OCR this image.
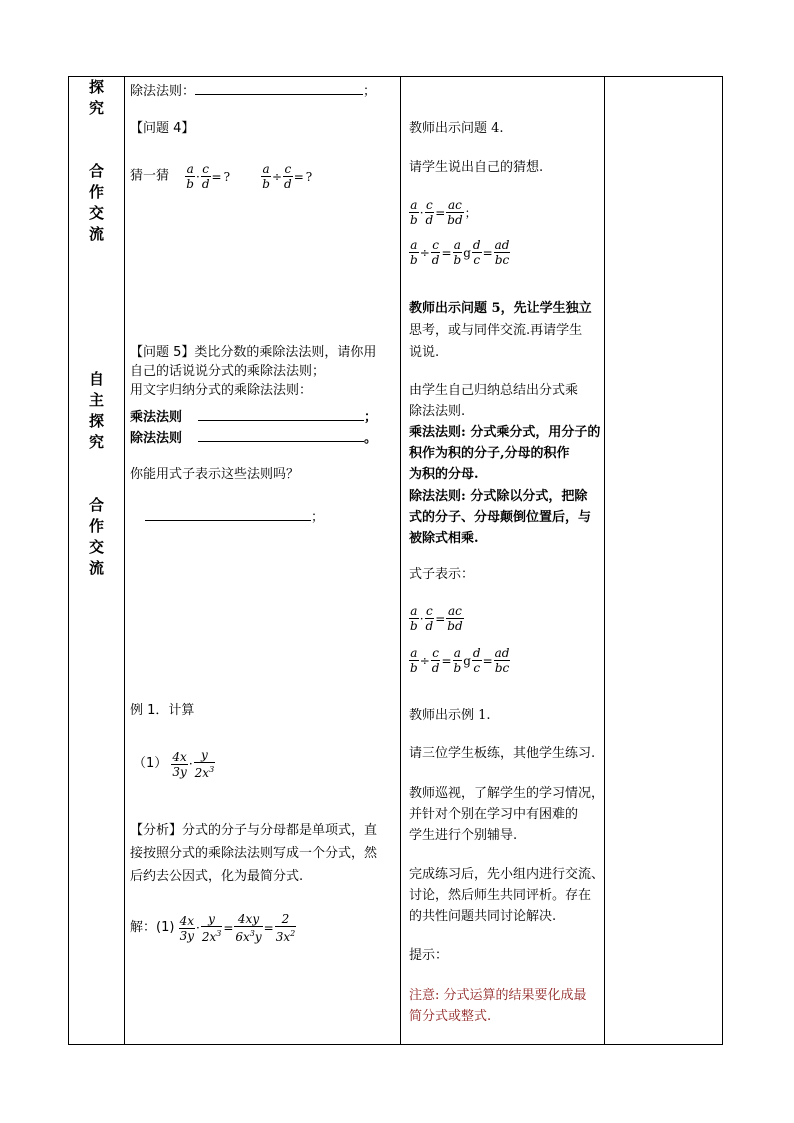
探
究
合
作
交
流
自
主
探
究
合
作
交
流
除法法则：	；
【问题 4】
猜一猜 $\frac{a}{b} \cdot \frac{c}{d}$ = ?	$\frac{a}{b} \div \frac{c}{d}$ = ?
【问题 5】类比分数的乘除法法则，请你用
自己的话说说分式的乘除法法则；
用文字归纳分式的乘除法法则：
乘法法则	；
除法法则	。
你能用式子表示这些法则吗？
；
例 1．计算
$(1) \frac{4x}{3y} \cdot \frac{y}{2x^3}$
【分析】分式的分子与分母都是单项式，直
接按照分式的乘除法法则写成一个分式，然
后约去公因式，化为最简分式.
解：$(1) \frac{4x}{3y} \cdot \frac{y}{2x^3} = \frac{4xy}{6x^3y} = \frac{2}{3x^2}$
教师出示问题 4.
请学生说出自己的猜想.
$\frac{a}{b} \cdot \frac{c}{d} = \frac{ac}{bd}$ ；
$\frac{a}{b} \div \frac{c}{d} = \frac{a}{b}$ g $\frac{d}{c} = \frac{ad}{bc}$
教师出示问题 5，先让学生独立
思考，或与同伴交流.再请学生
说说.
由学生自己归纳总结出分式乘
除法法则.
乘法法则: 分式乘分式，用分子的
积作为积的分子,分母的积作
为积的分母.
除法法则: 分式除以分式，把除
式的分子、分母颠倒位置后，与
被除式相乘.
式子表示：
$\frac{a}{b} \cdot \frac{c}{d} = \frac{ac}{bd}$
$\frac{a}{b} \div \frac{c}{d} = \frac{a}{b}$ g $\frac{d}{c} = \frac{ad}{bc}$
教师出示例 1.
请三位学生板练，其他学生练习.
教师巡视，了解学生的学习情况，
并针对个别在学习中有困难的
学生进行个别辅导.
完成练习后，先小组内进行交流、
讨论，然后师生共同评析。存在
的共性问题共同讨论解决.
提示：
注意: 分式运算的结果要化成最
简分式或整式.
